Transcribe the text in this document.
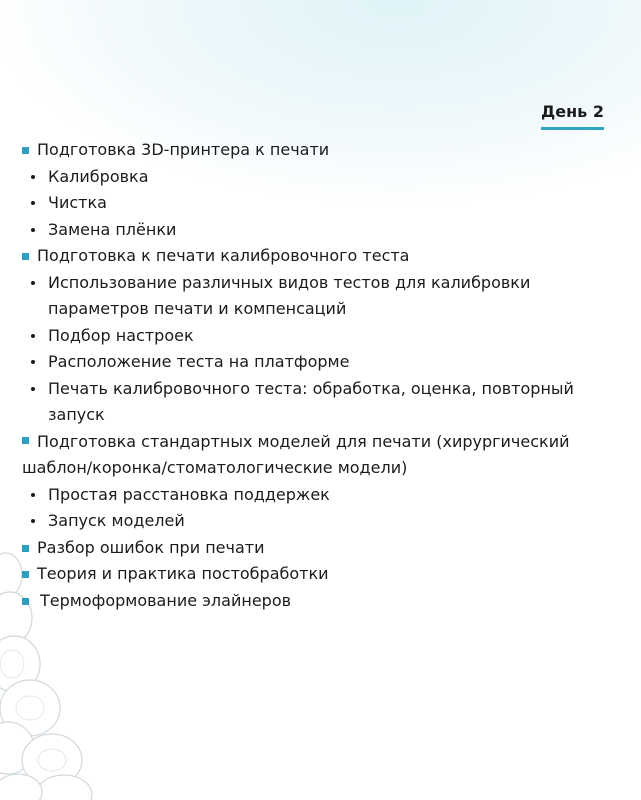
День 2
Подготовка 3D-принтера к печати
Калибровка
Чистка
Замена плёнки
Подготовка к печати калибровочного теста
Использование различных видов тестов для калибровки параметров печати и компенсаций
Подбор настроек
Расположение теста на платформе
Печать калибровочного теста: обработка, оценка, повторный запуск
Подготовка стандартных моделей для печати (хирургический шаблон/коронка/стоматологические модели)
Простая расстановка поддержек
Запуск моделей
Разбор ошибок при печати
Теория и практика постобработки
Термоформование элайнеров
